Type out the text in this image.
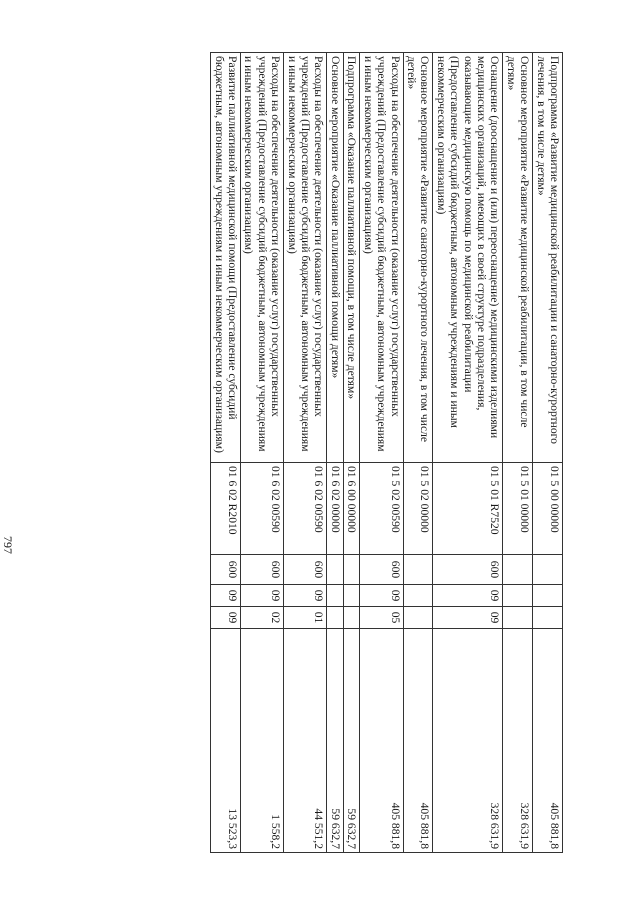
797
Подпрограмма «Развитие медицинской реабилитации и санаторно-курортного лечения, в том числе детям»	01 5 00 00000				405 881,8
Основное мероприятие «Развитие медицинской реабилитации, в том числе детям»	01 5 01 00000				328 631,9
Оснащение (дооснащение и (или) переоснащение) медицинскими изделиями медицинских организаций, имеющих в своей структуре подразделения, оказывающие медицинскую помощь по медицинской реабилитации (Предоставление субсидий бюджетным, автономным учреждениям и иным некоммерческим организациям)	01 5 01 R7520	600	09	09	328 631,9
Основное мероприятие «Развитие санаторно-курортного лечения, в том числе детей»	01 5 02 00000				405 881,8
Расходы на обеспечение деятельности (оказание услуг) государственных учреждений (Предоставление субсидий бюджетным, автономным учреждениям и иным некоммерческим организациям)	01 5 02 00590	600	09	05	405 881,8
Подпрограмма «Оказание паллиативной помощи, в том числе детям»	01 6 00 00000				59 632,7
Основное мероприятие «Оказание паллиативной помощи детям»	01 6 02 00000				59 632,7
Расходы на обеспечение деятельности (оказание услуг) государственных учреждений (Предоставление субсидий бюджетным, автономным учреждениям и иным некоммерческим организациям)	01 6 02 00590	600	09	01	44 551,2
Расходы на обеспечение деятельности (оказание услуг) государственных учреждений (Предоставление субсидий бюджетным, автономным учреждениям и иным некоммерческим организациям)	01 6 02 00590	600	09	02	1 558,2
Развитие паллиативной медицинской помощи (Предоставление субсидий бюджетным, автономным учреждениям и иным некоммерческим организациям)	01 6 02 R2010	600	09	09	13 523,3
